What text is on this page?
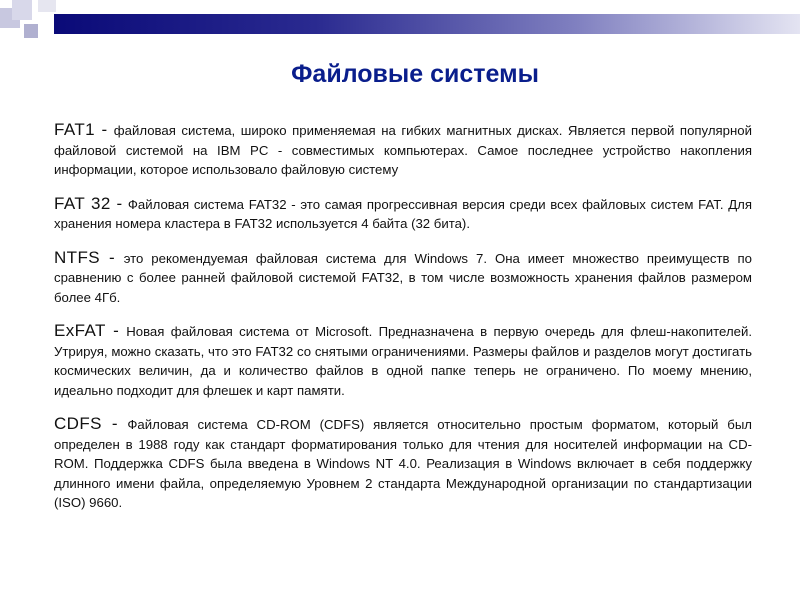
Файловые системы

FAT1 - файловая система, широко применяемая на гибких магнитных дисках. Является первой популярной файловой системой на IBM PC - совместимых компьютерах. Самое последнее устройство накопления информации, которое использовало файловую систему

FAT 32 - Файловая система FAT32 - это самая прогрессивная версия среди всех файловых систем FAT. Для хранения номера кластера в FAT32 используется 4 байта (32 бита).

NTFS - это рекомендуемая файловая система для Windows 7. Она имеет множество преимуществ по сравнению с более ранней файловой системой FAT32, в том числе возможность хранения файлов размером более 4Гб.

ExFAT - Новая файловая система от Microsoft. Предназначена в первую очередь для флеш-накопителей. Утрируя, можно сказать, что это FAT32 со снятыми ограничениями. Размеры файлов и разделов могут достигать космических величин, да и количество файлов в одной папке теперь не ограничено. По моему мнению, идеально подходит для флешек и карт памяти.

CDFS - Файловая система CD-ROM (CDFS) является относительно простым форматом, который был определен в 1988 году как стандарт форматирования только для чтения для носителей информации на CD-ROM. Поддержка CDFS была введена в Windows NT 4.0. Реализация в Windows включает в себя поддержку длинного имени файла, определяемую Уровнем 2 стандарта Международной организации по стандартизации (ISO) 9660.
